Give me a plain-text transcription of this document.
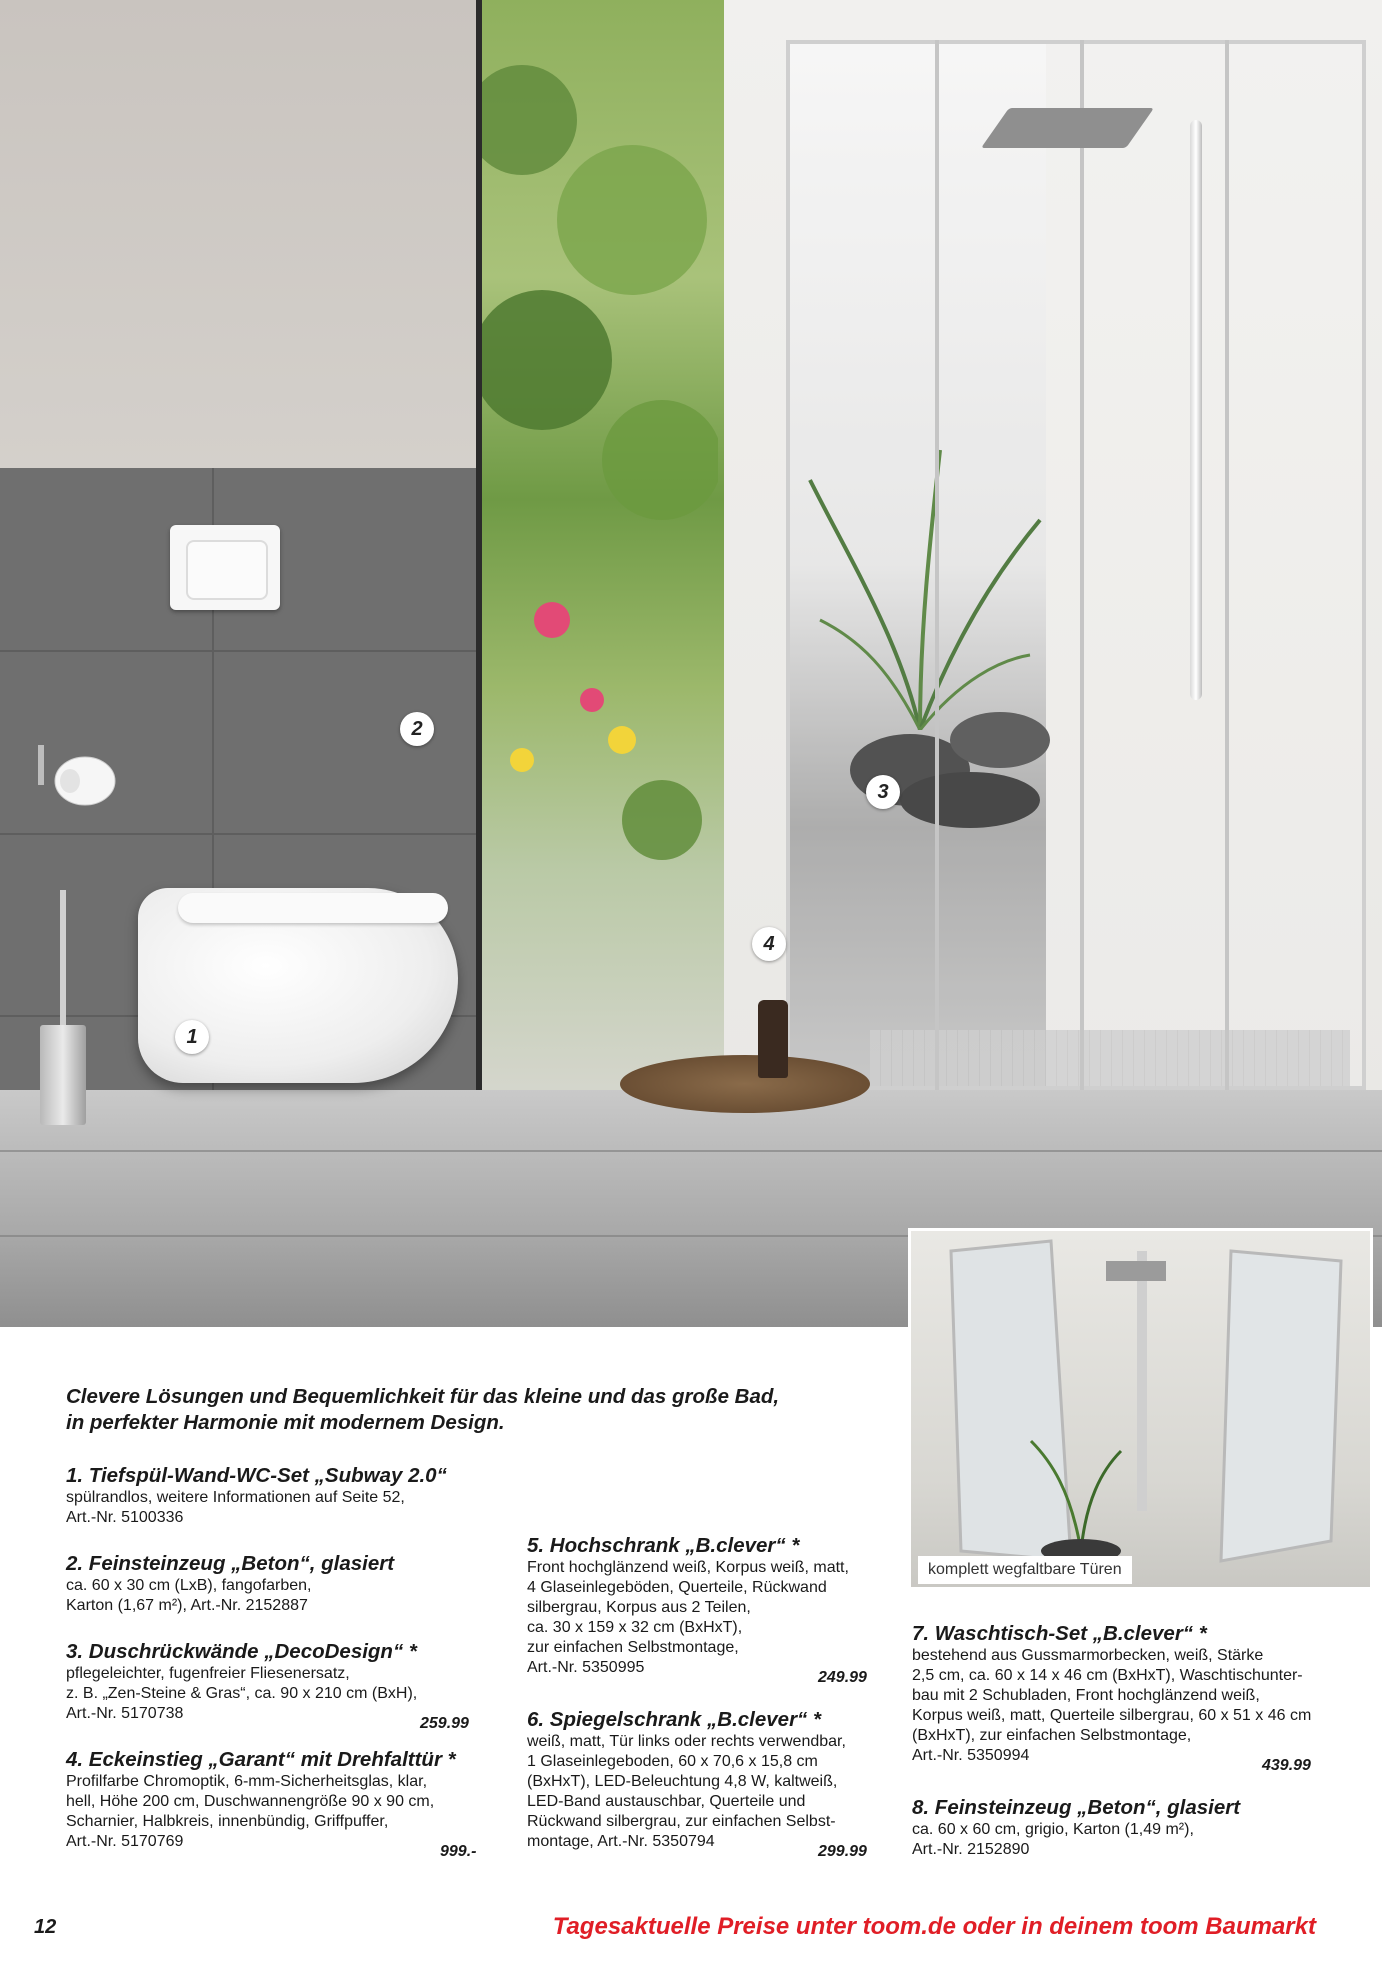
1
2
3
4
komplett wegfaltbare Türen
Clevere Lösungen und Bequemlichkeit für das kleine und das große Bad,
in perfekter Harmonie mit modernem Design.
1. Tiefspül-Wand-WC-Set „Subway 2.0“
spülrandlos, weitere Informationen auf Seite 52,
Art.-Nr. 5100336
2. Feinsteinzeug „Beton“, glasiert
ca. 60 x 30 cm (LxB), fangofarben,
Karton (1,67 m²), Art.-Nr. 2152887
3. Duschrückwände „DecoDesign“ *
pflegeleichter, fugenfreier Fliesenersatz,
z. B. „Zen-Steine & Gras“, ca. 90 x 210 cm (BxH),
Art.-Nr. 5170738
259.99
4. Eckeinstieg „Garant“ mit Drehfalttür *
Profilfarbe Chromoptik, 6-mm-Sicherheitsglas, klar,
hell, Höhe 200 cm, Duschwannengröße 90 x 90 cm,
Scharnier, Halbkreis, innenbündig, Griffpuffer,
Art.-Nr. 5170769
999.-
5. Hochschrank „B.clever“ *
Front hochglänzend weiß, Korpus weiß, matt,
4 Glaseinlegeböden, Querteile, Rückwand
silbergrau, Korpus aus 2 Teilen,
ca. 30 x 159 x 32 cm (BxHxT),
zur einfachen Selbstmontage,
Art.-Nr. 5350995
249.99
6. Spiegelschrank „B.clever“ *
weiß, matt, Tür links oder rechts verwendbar,
1 Glaseinlegeboden, 60 x 70,6 x 15,8 cm
(BxHxT), LED-Beleuchtung 4,8 W, kaltweiß,
LED-Band austauschbar, Querteile und
Rückwand silbergrau, zur einfachen Selbst-
montage, Art.-Nr. 5350794
299.99
7. Waschtisch-Set „B.clever“ *
bestehend aus Gussmarmorbecken, weiß, Stärke
2,5 cm, ca. 60 x 14 x 46 cm (BxHxT), Waschtischunter-
bau mit 2 Schubladen, Front hochglänzend weiß,
Korpus weiß, matt, Querteile silbergrau, 60 x 51 x 46 cm
(BxHxT), zur einfachen Selbstmontage,
Art.-Nr. 5350994
439.99
8. Feinsteinzeug „Beton“, glasiert
ca. 60 x 60 cm, grigio, Karton (1,49 m²),
Art.-Nr. 2152890
12	Tagesaktuelle Preise unter toom.de oder in deinem toom Baumarkt
